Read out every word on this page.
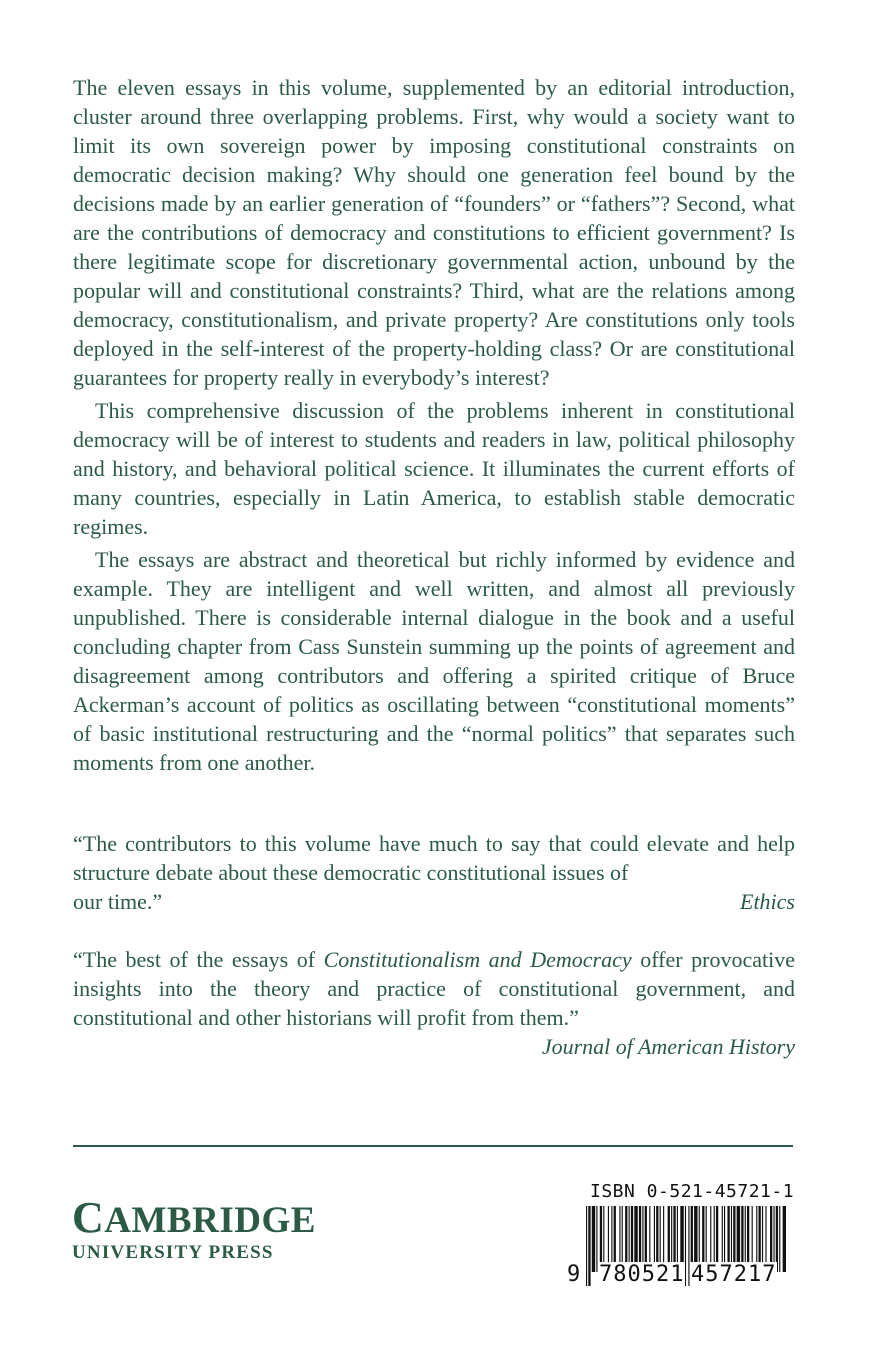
The eleven essays in this volume, supplemented by an editorial introduction, cluster around three overlapping problems. First, why would a society want to limit its own sovereign power by imposing constitutional constraints on democratic decision making? Why should one generation feel bound by the decisions made by an earlier generation of “founders” or “fathers”? Second, what are the contributions of democracy and constitutions to efficient government? Is there legitimate scope for discretionary governmental action, unbound by the popular will and constitutional constraints? Third, what are the relations among democracy, constitutionalism, and private property? Are constitutions only tools deployed in the self-interest of the property-holding class? Or are constitutional guarantees for property really in everybody’s interest?

This comprehensive discussion of the problems inherent in constitutional democracy will be of interest to students and readers in law, political philosophy and history, and behavioral political science. It illuminates the current efforts of many countries, especially in Latin America, to establish stable democratic regimes.

The essays are abstract and theoretical but richly informed by evidence and example. They are intelligent and well written, and almost all previously unpublished. There is considerable internal dialogue in the book and a useful concluding chapter from Cass Sunstein summing up the points of agreement and disagreement among contributors and offering a spirited critique of Bruce Ackerman’s account of politics as oscillating between “constitutional moments” of basic institutional restructuring and the “normal politics” that separates such moments from one another.

“The contributors to this volume have much to say that could elevate and help structure debate about these democratic constitutional issues of
our time.”	Ethics
“The best of the essays of Constitutionalism and Democracy offer provocative insights into the theory and practice of constitutional government, and constitutional and other historians will profit from them.”
Journal of American History
CAMBRIDGE
UNIVERSITY PRESS
ISBN 0-521-45721-1
9 780521 457217
